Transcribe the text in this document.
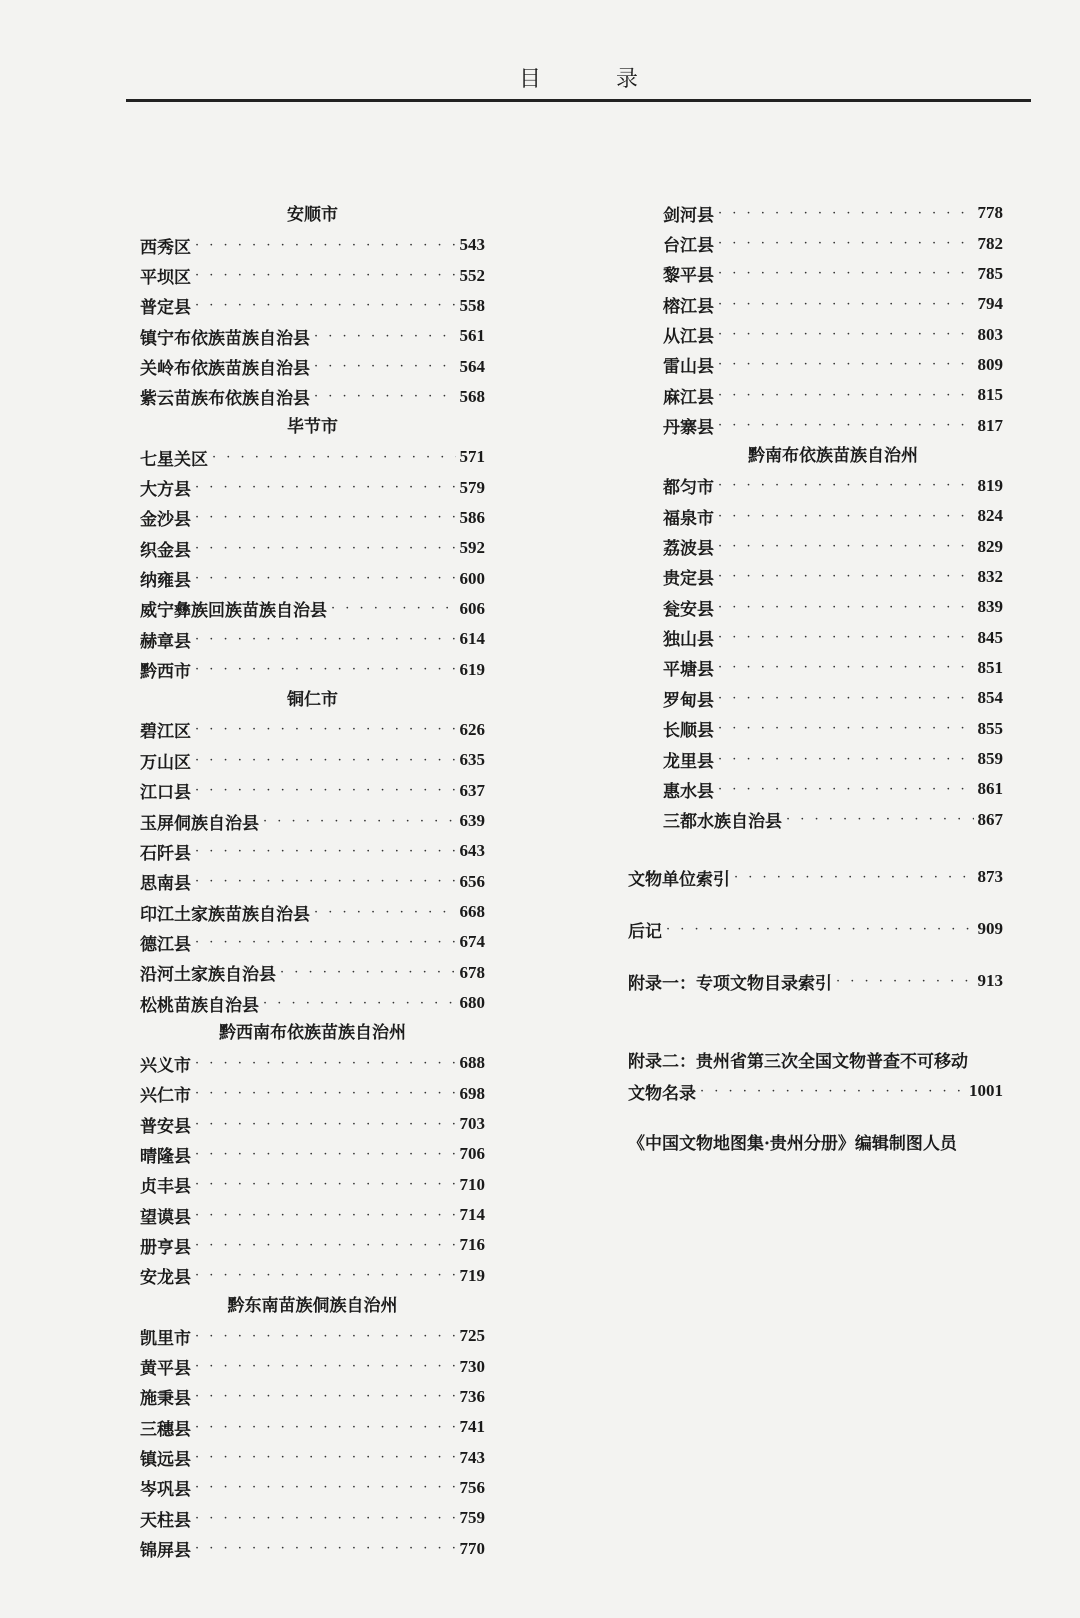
目 录
安顺市
西秀区 · · ·	543
平坝区 · · ·	552
普定县 · · ·	558
镇宁布依族苗族自治县 · · ·	561
关岭布依族苗族自治县 · · ·	564
紫云苗族布依族自治县 · · ·	568
毕节市
七星关区 · · ·	571
大方县 · · ·	579
金沙县 · · ·	586
织金县 · · ·	592
纳雍县 · · ·	600
威宁彝族回族苗族自治县 · · ·	606
赫章县 · · ·	614
黔西市 · · ·	619
铜仁市
碧江区 · · ·	626
万山区 · · ·	635
江口县 · · ·	637
玉屏侗族自治县 · · ·	639
石阡县 · · ·	643
思南县 · · ·	656
印江土家族苗族自治县 · · ·	668
德江县 · · ·	674
沿河土家族自治县 · · ·	678
松桃苗族自治县 · · ·	680
黔西南布依族苗族自治州
兴义市 · · ·	688
兴仁市 · · ·	698
普安县 · · ·	703
晴隆县 · · ·	706
贞丰县 · · ·	710
望谟县 · · ·	714
册亨县 · · ·	716
安龙县 · · ·	719
黔东南苗族侗族自治州
凯里市 · · ·	725
黄平县 · · ·	730
施秉县 · · ·	736
三穗县 · · ·	741
镇远县 · · ·	743
岑巩县 · · ·	756
天柱县 · · ·	759
锦屏县 · · ·	770
剑河县 · · ·	778
台江县 · · ·	782
黎平县 · · ·	785
榕江县 · · ·	794
从江县 · · ·	803
雷山县 · · ·	809
麻江县 · · ·	815
丹寨县 · · ·	817
黔南布依族苗族自治州
都匀市 · · ·	819
福泉市 · · ·	824
荔波县 · · ·	829
贵定县 · · ·	832
瓮安县 · · ·	839
独山县 · · ·	845
平塘县 · · ·	851
罗甸县 · · ·	854
长顺县 · · ·	855
龙里县 · · ·	859
惠水县 · · ·	861
三都水族自治县 · · ·	867
文物单位索引 · ·	873
后记 · ·	909
附录一：专项文物目录索引 · ·	913
附录二：贵州省第三次全国文物普查不可移动
文物名录 · ·	1001
《中国文物地图集·贵州分册》编辑制图人员
